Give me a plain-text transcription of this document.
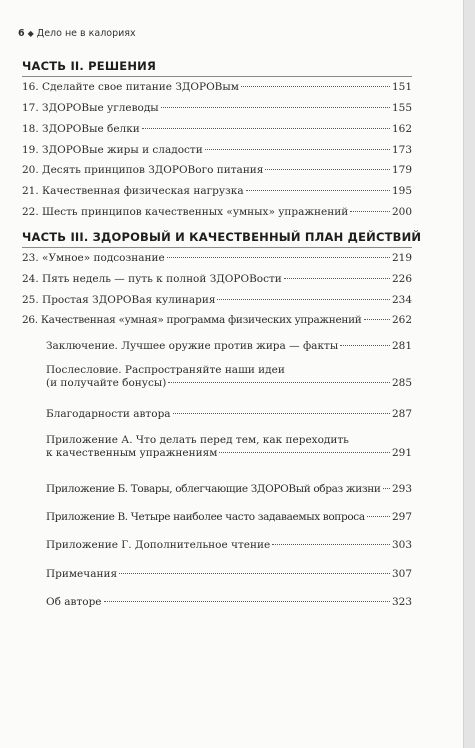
6 ◆ Дело не в калориях
ЧАСТЬ II. РЕШЕНИЯ
16. Сделайте свое питание ЗДОРОВым	151
17. ЗДОРОВые углеводы	155
18. ЗДОРОВые белки	162
19. ЗДОРОВые жиры и сладости	173
20. Десять принципов ЗДОРОВого питания	179
21. Качественная физическая нагрузка	195
22. Шесть принципов качественных «умных» упражнений	200
ЧАСТЬ III. ЗДОРОВЫЙ И КАЧЕСТВЕННЫЙ ПЛАН ДЕЙСТВИЙ
23. «Умное» подсознание	219
24. Пять недель — путь к полной ЗДОРОВости	226
25. Простая ЗДОРОВая кулинария	234
26. Качественная «умная» программа физических упражнений	262
Заключение. Лучшее оружие против жира — факты	281
Послесловие. Распространяйте наши идеи
(и получайте бонусы)	285
Благодарности автора	287
Приложение А. Что делать перед тем, как переходить
к качественным упражнениям	291
Приложение Б. Товары, облегчающие ЗДОРОВый образ жизни 293
Приложение В. Четыре наиболее часто задаваемых вопроса	297
Приложение Г. Дополнительное чтение	303
Примечания	307
Об авторе	323
